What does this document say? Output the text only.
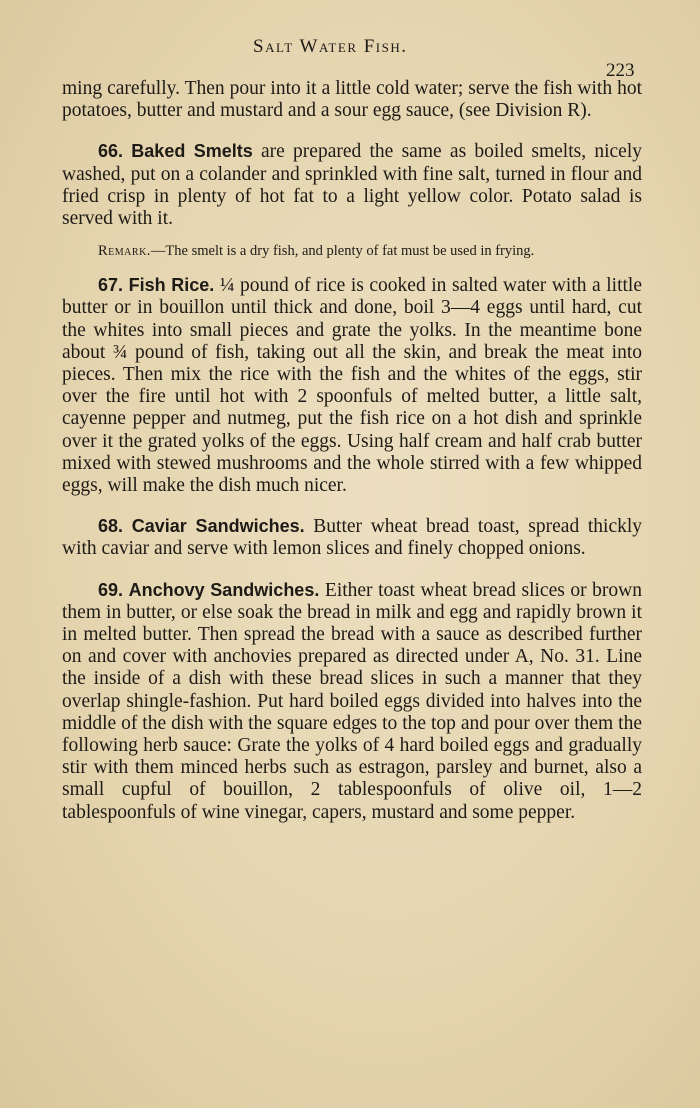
Salt Water Fish.
223

ming carefully. Then pour into it a little cold water; serve the fish with hot potatoes, butter and mustard and a sour egg sauce, (see Division R).

66. Baked Smelts are prepared the same as boiled smelts, nicely washed, put on a colander and sprinkled with fine salt, turned in flour and fried crisp in plenty of hot fat to a light yellow color. Potato salad is served with it.

Remark.—The smelt is a dry fish, and plenty of fat must be used in frying.

67. Fish Rice. ¼ pound of rice is cooked in salted water with a little butter or in bouillon until thick and done, boil 3—4 eggs until hard, cut the whites into small pieces and grate the yolks. In the meantime bone about ¾ pound of fish, taking out all the skin, and break the meat into pieces. Then mix the rice with the fish and the whites of the eggs, stir over the fire until hot with 2 spoonfuls of melted butter, a little salt, cayenne pepper and nutmeg, put the fish rice on a hot dish and sprinkle over it the grated yolks of the eggs. Using half cream and half crab butter mixed with stewed mushrooms and the whole stirred with a few whipped eggs, will make the dish much nicer.

68. Caviar Sandwiches. Butter wheat bread toast, spread thickly with caviar and serve with lemon slices and finely chopped onions.

69. Anchovy Sandwiches. Either toast wheat bread slices or brown them in butter, or else soak the bread in milk and egg and rapidly brown it in melted butter. Then spread the bread with a sauce as described further on and cover with anchovies prepared as directed under A, No. 31. Line the inside of a dish with these bread slices in such a manner that they overlap shingle-fashion. Put hard boiled eggs divided into halves into the middle of the dish with the square edges to the top and pour over them the following herb sauce: Grate the yolks of 4 hard boiled eggs and gradually stir with them minced herbs such as estragon, parsley and burnet, also a small cupful of bouillon, 2 tablespoonfuls of olive oil, 1—2 tablespoonfuls of wine vinegar, capers, mustard and some pepper.
